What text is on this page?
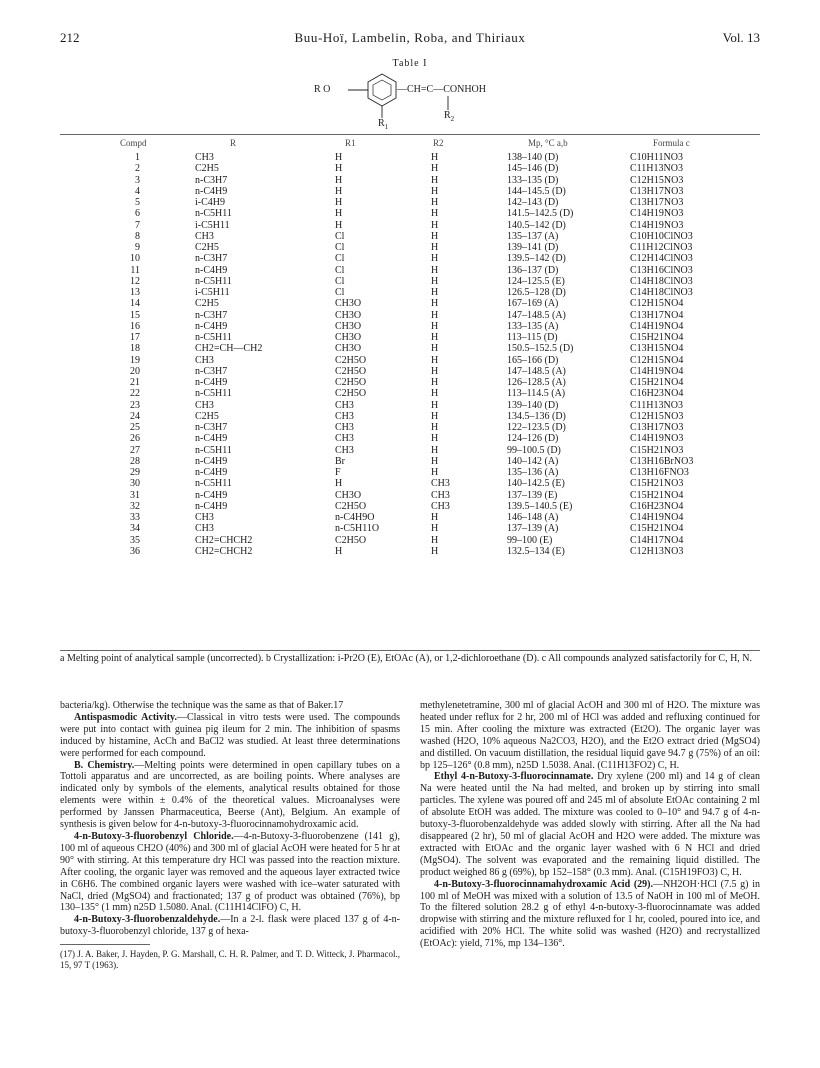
212	Buu-Hoï, Lambelin, Roba, and Thiriaux	Vol. 13
Table I
R O	—CH=C—CONHOH
$R_1$
$R_2$
Compd	R	R1	R2	Mp, °C a,b	Formula c
1	CH3	H	H	138–140 (D)	C10H11NO3
2	C2H5	H	H	145–146 (D)	C11H13NO3
3	n-C3H7	H	H	133–135 (D)	C12H15NO3
4	n-C4H9	H	H	144–145.5 (D)	C13H17NO3
5	i-C4H9	H	H	142–143 (D)	C13H17NO3
6	n-C5H11	H	H	141.5–142.5 (D)	C14H19NO3
7	i-C5H11	H	H	140.5–142 (D)	C14H19NO3
8	CH3	Cl	H	135–137 (A)	C10H10ClNO3
9	C2H5	Cl	H	139–141 (D)	C11H12ClNO3
10	n-C3H7	Cl	H	139.5–142 (D)	C12H14ClNO3
11	n-C4H9	Cl	H	136–137 (D)	C13H16ClNO3
12	n-C5H11	Cl	H	124–125.5 (E)	C14H18ClNO3
13	i-C5H11	Cl	H	126.5–128 (D)	C14H18ClNO3
14	C2H5	CH3O	H	167–169 (A)	C12H15NO4
15	n-C3H7	CH3O	H	147–148.5 (A)	C13H17NO4
16	n-C4H9	CH3O	H	133–135 (A)	C14H19NO4
17	n-C5H11	CH3O	H	113–115 (D)	C15H21NO4
18	CH2=CH—CH2	CH3O	H	150.5–152.5 (D)	C13H15NO4
19	CH3	C2H5O	H	165–166 (D)	C12H15NO4
20	n-C3H7	C2H5O	H	147–148.5 (A)	C14H19NO4
21	n-C4H9	C2H5O	H	126–128.5 (A)	C15H21NO4
22	n-C5H11	C2H5O	H	113–114.5 (A)	C16H23NO4
23	CH3	CH3	H	139–140 (D)	C11H13NO3
24	C2H5	CH3	H	134.5–136 (D)	C12H15NO3
25	n-C3H7	CH3	H	122–123.5 (D)	C13H17NO3
26	n-C4H9	CH3	H	124–126 (D)	C14H19NO3
27	n-C5H11	CH3	H	99–100.5 (D)	C15H21NO3
28	n-C4H9	Br	H	140–142 (A)	C13H16BrNO3
29	n-C4H9	F	H	135–136 (A)	C13H16FNO3
30	n-C5H11	H	CH3	140–142.5 (E)	C15H21NO3
31	n-C4H9	CH3O	CH3	137–139 (E)	C15H21NO4
32	n-C4H9	C2H5O	CH3	139.5–140.5 (E)	C16H23NO4
33	CH3	n-C4H9O	H	146–148 (A)	C14H19NO4
34	CH3	n-C5H11O	H	137–139 (A)	C15H21NO4
35	CH2=CHCH2	C2H5O	H	99–100 (E)	C14H17NO4
36	CH2=CHCH2	H	H	132.5–134 (E)	C12H13NO3
a Melting point of analytical sample (uncorrected). b Crystallization: i-Pr2O (E), EtOAc (A), or 1,2-dichloroethane (D). c All compounds analyzed satisfactorily for C, H, N.

bacteria/kg). Otherwise the technique was the same as that of Baker.17

Antispasmodic Activity.—Classical in vitro tests were used. The compounds were put into contact with guinea pig ileum for 2 min. The inhibition of spasms induced by histamine, AcCh and BaCl2 was studied. At least three determinations were performed for each compound.

B. Chemistry.—Melting points were determined in open capillary tubes on a Tottoli apparatus and are uncorrected, as are boiling points. Where analyses are indicated only by symbols of the elements, analytical results obtained for those elements were within ± 0.4% of the theoretical values. Microanalyses were performed by Janssen Pharmaceutica, Beerse (Ant), Belgium. An example of synthesis is given below for 4-n-butoxy-3-fluorocinnamohydroxamic acid.

4-n-Butoxy-3-fluorobenzyl Chloride.—4-n-Butoxy-3-fluorobenzene (141 g), 100 ml of aqueous CH2O (40%) and 300 ml of glacial AcOH were heated for 5 hr at 90° with stirring. At this temperature dry HCl was passed into the reaction mixture. After cooling, the organic layer was removed and the aqueous layer extracted twice in C6H6. The combined organic layers were washed with ice–water saturated with NaCl, dried (MgSO4) and fractionated; 137 g of product was obtained (76%), bp 130–135° (1 mm) n25D 1.5080. Anal. (C11H14ClFO) C, H.

4-n-Butoxy-3-fluorobenzaldehyde.—In a 2-l. flask were placed 137 g of 4-n-butoxy-3-fluorobenzyl chloride, 137 g of hexa-

(17) J. A. Baker, J. Hayden, P. G. Marshall, C. H. R. Palmer, and T. D. Witteck, J. Pharmacol., 15, 97 T (1963).

methylenetetramine, 300 ml of glacial AcOH and 300 ml of H2O. The mixture was heated under reflux for 2 hr, 200 ml of HCl was added and refluxing continued for 15 min. After cooling the mixture was extracted (Et2O). The organic layer was washed (H2O, 10% aqueous Na2CO3, H2O), and the Et2O extract dried (MgSO4) and distilled. On vacuum distillation, the residual liquid gave 94.7 g (75%) of an oil: bp 125–126° (0.8 mm), n25D 1.5038. Anal. (C11H13FO2) C, H.

Ethyl 4-n-Butoxy-3-fluorocinnamate. Dry xylene (200 ml) and 14 g of clean Na were heated until the Na had melted, and broken up by stirring into small particles. The xylene was poured off and 245 ml of absolute EtOAc containing 2 ml of absolute EtOH was added. The mixture was cooled to 0–10° and 94.7 g of 4-n-butoxy-3-fluorobenzaldehyde was added slowly with stirring. After all the Na had disappeared (2 hr), 50 ml of glacial AcOH and H2O were added. The mixture was extracted with EtOAc and the organic layer washed with 6 N HCl and dried (MgSO4). The solvent was evaporated and the remaining liquid distilled. The product weighed 86 g (69%), bp 152–158° (0.3 mm). Anal. (C15H19FO3) C, H.

4-n-Butoxy-3-fluorocinnamahydroxamic Acid (29).—NH2OH·HCl (7.5 g) in 100 ml of MeOH was mixed with a solution of 13.5 of NaOH in 100 ml of MeOH. To the filtered solution 28.2 g of ethyl 4-n-butoxy-3-fluorocinnamate was added dropwise with stirring and the mixture refluxed for 1 hr, cooled, poured into ice, and acidified with 20% HCl. The white solid was washed (H2O) and recrystallized (EtOAc): yield, 71%, mp 134–136°.
